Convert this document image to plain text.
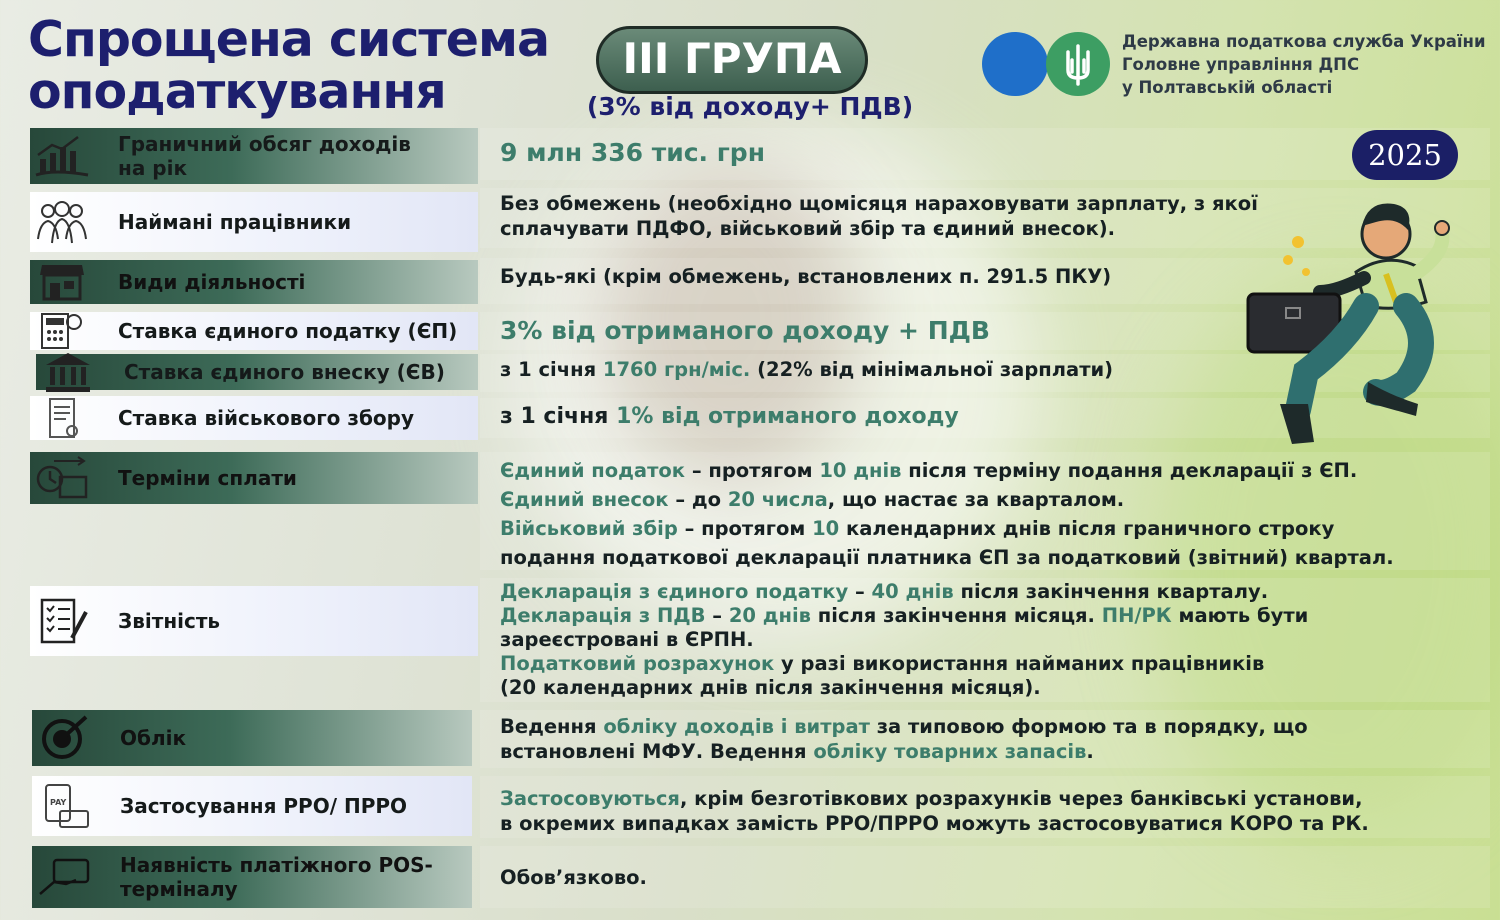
Спрощена система
оподаткування
III ГРУПА
(3% від доходу+ ПДВ)
Державна податкова служба України
Головне управління ДПС
у Полтавській області
2025
Граничний обсяг доходів
на рік
Наймані працівники
Види діяльності
Ставка єдиного податку (ЄП)
Ставка єдиного внеску (ЄВ)
Ставка військового збору
Терміни сплати
Звітність
Облік
PAY	Застосування РРО/ ПРРО
Наявність платіжного POS-
терміналу
9 млн 336 тис. грн
Без обмежень (необхідно щомісяця нараховувати зарплату, з якої
сплачувати ПДФО, військовий збір та єдиний внесок).
Будь-які (крім обмежень, встановлених п. 291.5 ПКУ)
3% від отриманого доходу + ПДВ
з 1 січня 1760 грн/міс. (22% від мінімальної зарплати)
з 1 січня 1% від отриманого доходу
Єдиний податок – протягом 10 днів після терміну подання декларації з ЄП.
Єдиний внесок – до 20 числа, що настає за кварталом.
Військовий збір – протягом 10 календарних днів після граничного строку
подання податкової декларації платника ЄП за податковий (звітний) квартал.
Декларація з єдиного податку – 40 днів після закінчення кварталу.
Декларація з ПДВ – 20 днів після закінчення місяця. ПН/РК мають бути
зареєстровані в ЄРПН.
Податковий розрахунок у разі використання найманих працівників
(20 календарних днів після закінчення місяця).
Ведення обліку доходів і витрат за типовою формою та в порядку, що
встановлені МФУ. Ведення обліку товарних запасів.
Застосовуються, крім безготівкових розрахунків через банківські установи,
в окремих випадках замість РРО/ПРРО можуть застосовуватися КОРО та РК.
Обов’язково.
